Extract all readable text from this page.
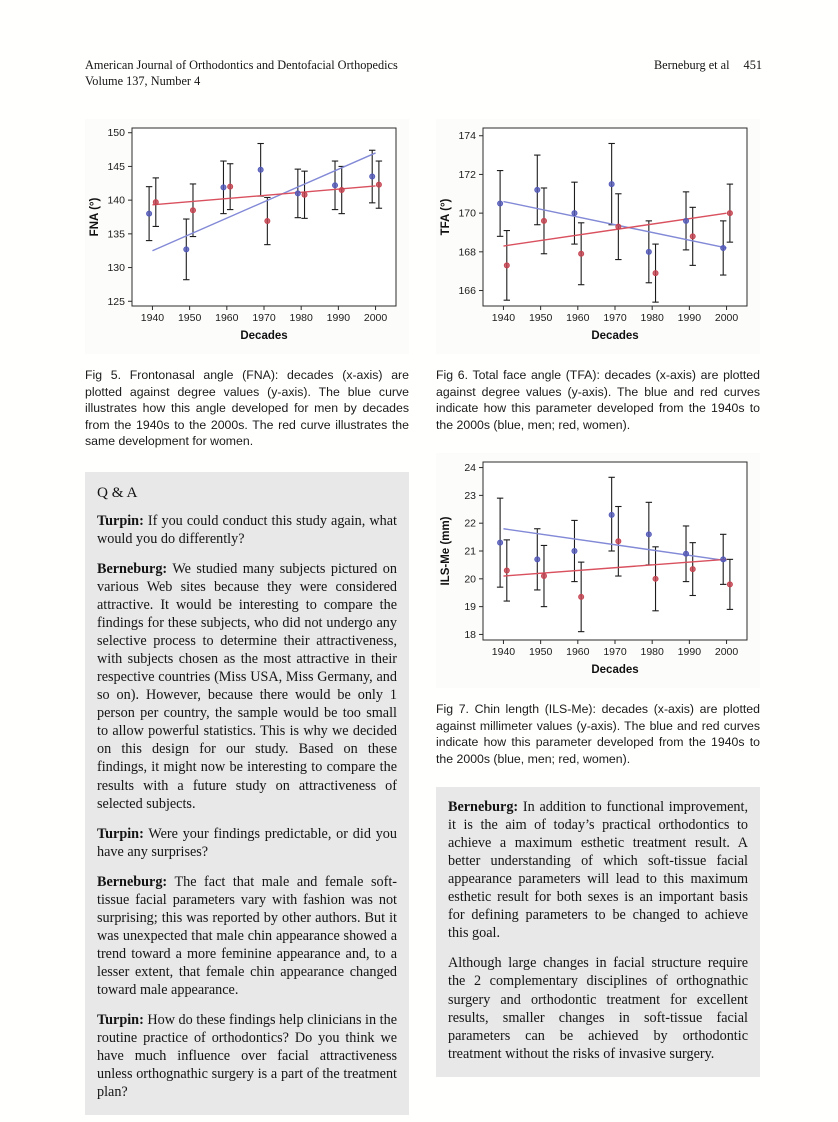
American Journal of Orthodontics and Dentofacial Orthopedics
Volume 137, Number 4
Berneburg et al 451
125
130
135
140
145
150
1940 1950 1960 1970 1980 1990 2000
Decades
FNA (°)
Fig 5. Frontonasal angle (FNA): decades (x-axis) are plotted against degree values (y-axis). The blue curve illustrates how this angle developed for men by decades from the 1940s to the 2000s. The red curve illustrates the same development for women.
Q & A

Turpin: If you could conduct this study again, what would you do differently?

Berneburg: We studied many subjects pictured on various Web sites because they were considered attractive. It would be interesting to compare the findings for these subjects, who did not undergo any selective process to determine their attractiveness, with subjects chosen as the most attractive in their respective countries (Miss USA, Miss Germany, and so on). However, because there would be only 1 person per country, the sample would be too small to allow powerful statistics. This is why we decided on this design for our study. Based on these findings, it might now be interesting to compare the results with a future study on attractiveness of selected subjects.

Turpin: Were your findings predictable, or did you have any surprises?

Berneburg: The fact that male and female soft-tissue facial parameters vary with fashion was not surprising; this was reported by other authors. But it was unexpected that male chin appearance showed a trend toward a more feminine appearance and, to a lesser extent, that female chin appearance changed toward male appearance.

Turpin: How do these findings help clinicians in the routine practice of orthodontics? Do you think we have much influence over facial attractiveness unless orthognathic surgery is a part of the treatment plan?

166
168
170
172
174
1940 1950 1960 1970 1980 1990 2000
Decades
TFA (°)
Fig 6. Total face angle (TFA): decades (x-axis) are plotted against degree values (y-axis). The blue and red curves indicate how this parameter developed from the 1940s to the 2000s (blue, men; red, women).
18
19
20
21
22
23
24
1940 1950 1960 1970 1980 1990 2000
Decades
ILS-Me (mm)
Fig 7. Chin length (ILS-Me): decades (x-axis) are plotted against millimeter values (y-axis). The blue and red curves indicate how this parameter developed from the 1940s to the 2000s (blue, men; red, women).

Berneburg: In addition to functional improvement, it is the aim of today’s practical orthodontics to achieve a maximum esthetic treatment result. A better understanding of which soft-tissue facial appearance parameters will lead to this maximum esthetic result for both sexes is an important basis for defining parameters to be changed to achieve this goal.

Although large changes in facial structure require the 2 complementary disciplines of orthognathic surgery and orthodontic treatment for excellent results, smaller changes in soft-tissue facial parameters can be achieved by orthodontic treatment without the risks of invasive surgery.
